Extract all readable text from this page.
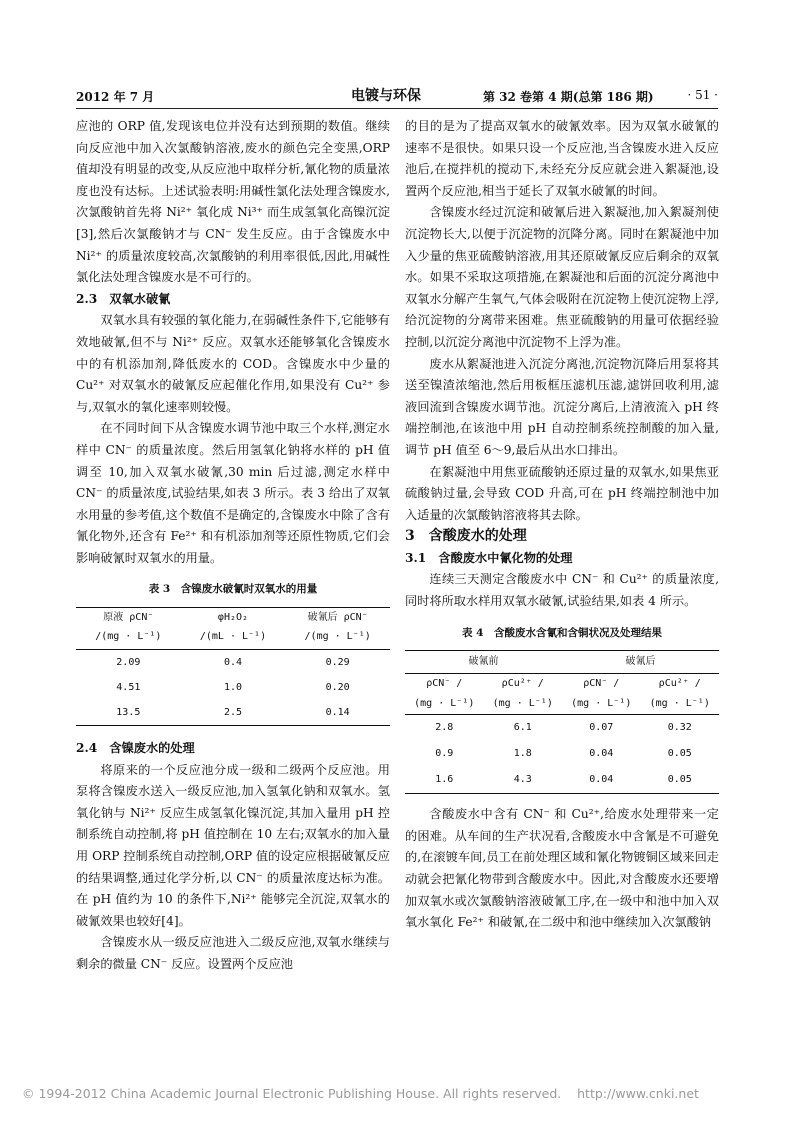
2012 年 7 月	电镀与环保	第 32 卷第 4 期(总第 186 期)	· 51 ·

应池的 ORP 值,发现该电位并没有达到预期的数值。继续向反应池中加入次氯酸钠溶液,废水的颜色完全变黑,ORP 值却没有明显的改变,从反应池中取样分析,氰化物的质量浓度也没有达标。上述试验表明:用碱性氯化法处理含镍废水,次氯酸钠首先将 Ni²⁺ 氧化成 Ni³⁺ 而生成氢氧化高镍沉淀[3],然后次氯酸钠才与 CN⁻ 发生反应。由于含镍废水中 Ni²⁺ 的质量浓度较高,次氯酸钠的利用率很低,因此,用碱性氯化法处理含镍废水是不可行的。

2.3　双氧水破氰

双氧水具有较强的氧化能力,在弱碱性条件下,它能够有效地破氰,但不与 Ni²⁺ 反应。双氧水还能够氧化含镍废水中的有机添加剂,降低废水的 COD。含镍废水中少量的 Cu²⁺ 对双氧水的破氰反应起催化作用,如果没有 Cu²⁺ 参与,双氧水的氧化速率则较慢。

在不同时间下从含镍废水调节池中取三个水样,测定水样中 CN⁻ 的质量浓度。然后用氢氧化钠将水样的 pH 值调至 10,加入双氧水破氰,30 min 后过滤,测定水样中 CN⁻ 的质量浓度,试验结果,如表 3 所示。表 3 给出了双氧水用量的参考值,这个数值不是确定的,含镍废水中除了含有氰化物外,还含有 Fe²⁺ 和有机添加剂等还原性物质,它们会影响破氰时双氧水的用量。

表 3　含镍废水破氰时双氧水的用量
原液 ρCN⁻	φH₂O₂	破氰后 ρCN⁻
/(mg · L⁻¹)	/(mL · L⁻¹)	/(mg · L⁻¹)
2.09	0.4	0.29
4.51	1.0	0.20
13.5	2.5	0.14

2.4　含镍废水的处理

将原来的一个反应池分成一级和二级两个反应池。用泵将含镍废水送入一级反应池,加入氢氧化钠和双氧水。氢氧化钠与 Ni²⁺ 反应生成氢氧化镍沉淀,其加入量用 pH 控制系统自动控制,将 pH 值控制在 10 左右;双氧水的加入量用 ORP 控制系统自动控制,ORP 值的设定应根据破氰反应的结果调整,通过化学分析,以 CN⁻ 的质量浓度达标为准。在 pH 值约为 10 的条件下,Ni²⁺ 能够完全沉淀,双氧水的破氰效果也较好[4]。

含镍废水从一级反应池进入二级反应池,双氧水继续与剩余的微量 CN⁻ 反应。设置两个反应池

的目的是为了提高双氧水的破氰效率。因为双氧水破氰的速率不是很快。如果只设一个反应池,当含镍废水进入反应池后,在搅拌机的搅动下,未经充分反应就会进入絮凝池,设置两个反应池,相当于延长了双氧水破氰的时间。

含镍废水经过沉淀和破氰后进入絮凝池,加入絮凝剂使沉淀物长大,以便于沉淀物的沉降分离。同时在絮凝池中加入少量的焦亚硫酸钠溶液,用其还原破氰反应后剩余的双氧水。如果不采取这项措施,在絮凝池和后面的沉淀分离池中双氧水分解产生氧气,气体会吸附在沉淀物上使沉淀物上浮,给沉淀物的分离带来困难。焦亚硫酸钠的用量可依据经验控制,以沉淀分离池中沉淀物不上浮为准。

废水从絮凝池进入沉淀分离池,沉淀物沉降后用泵将其送至镍渣浓缩池,然后用板框压滤机压滤,滤饼回收利用,滤液回流到含镍废水调节池。沉淀分离后,上清液流入 pH 终端控制池,在该池中用 pH 自动控制系统控制酸的加入量,调节 pH 值至 6～9,最后从出水口排出。

在絮凝池中用焦亚硫酸钠还原过量的双氧水,如果焦亚硫酸钠过量,会导致 COD 升高,可在 pH 终端控制池中加入适量的次氯酸钠溶液将其去除。

3　含酸废水的处理

3.1　含酸废水中氰化物的处理

连续三天测定含酸废水中 CN⁻ 和 Cu²⁺ 的质量浓度,同时将所取水样用双氧水破氰,试验结果,如表 4 所示。

表 4　含酸废水含氰和含铜状况及处理结果
破氰前		破氰后	
ρCN⁻ /	ρCu²⁺ /	ρCN⁻ /	ρCu²⁺ /
(mg · L⁻¹)	(mg · L⁻¹)	(mg · L⁻¹)	(mg · L⁻¹)
2.8	6.1	0.07	0.32
0.9	1.8	0.04	0.05
1.6	4.3	0.04	0.05

含酸废水中含有 CN⁻ 和 Cu²⁺,给废水处理带来一定的困难。从车间的生产状况看,含酸废水中含氰是不可避免的,在滚镀车间,员工在前处理区域和氰化物镀铜区域来回走动就会把氰化物带到含酸废水中。因此,对含酸废水还要增加双氧水或次氯酸钠溶液破氰工序,在一级中和池中加入双氧水氧化 Fe²⁺ 和破氰,在二级中和池中继续加入次氯酸钠

© 1994-2012 China Academic Journal Electronic Publishing House. All rights reserved.    http://www.cnki.net
